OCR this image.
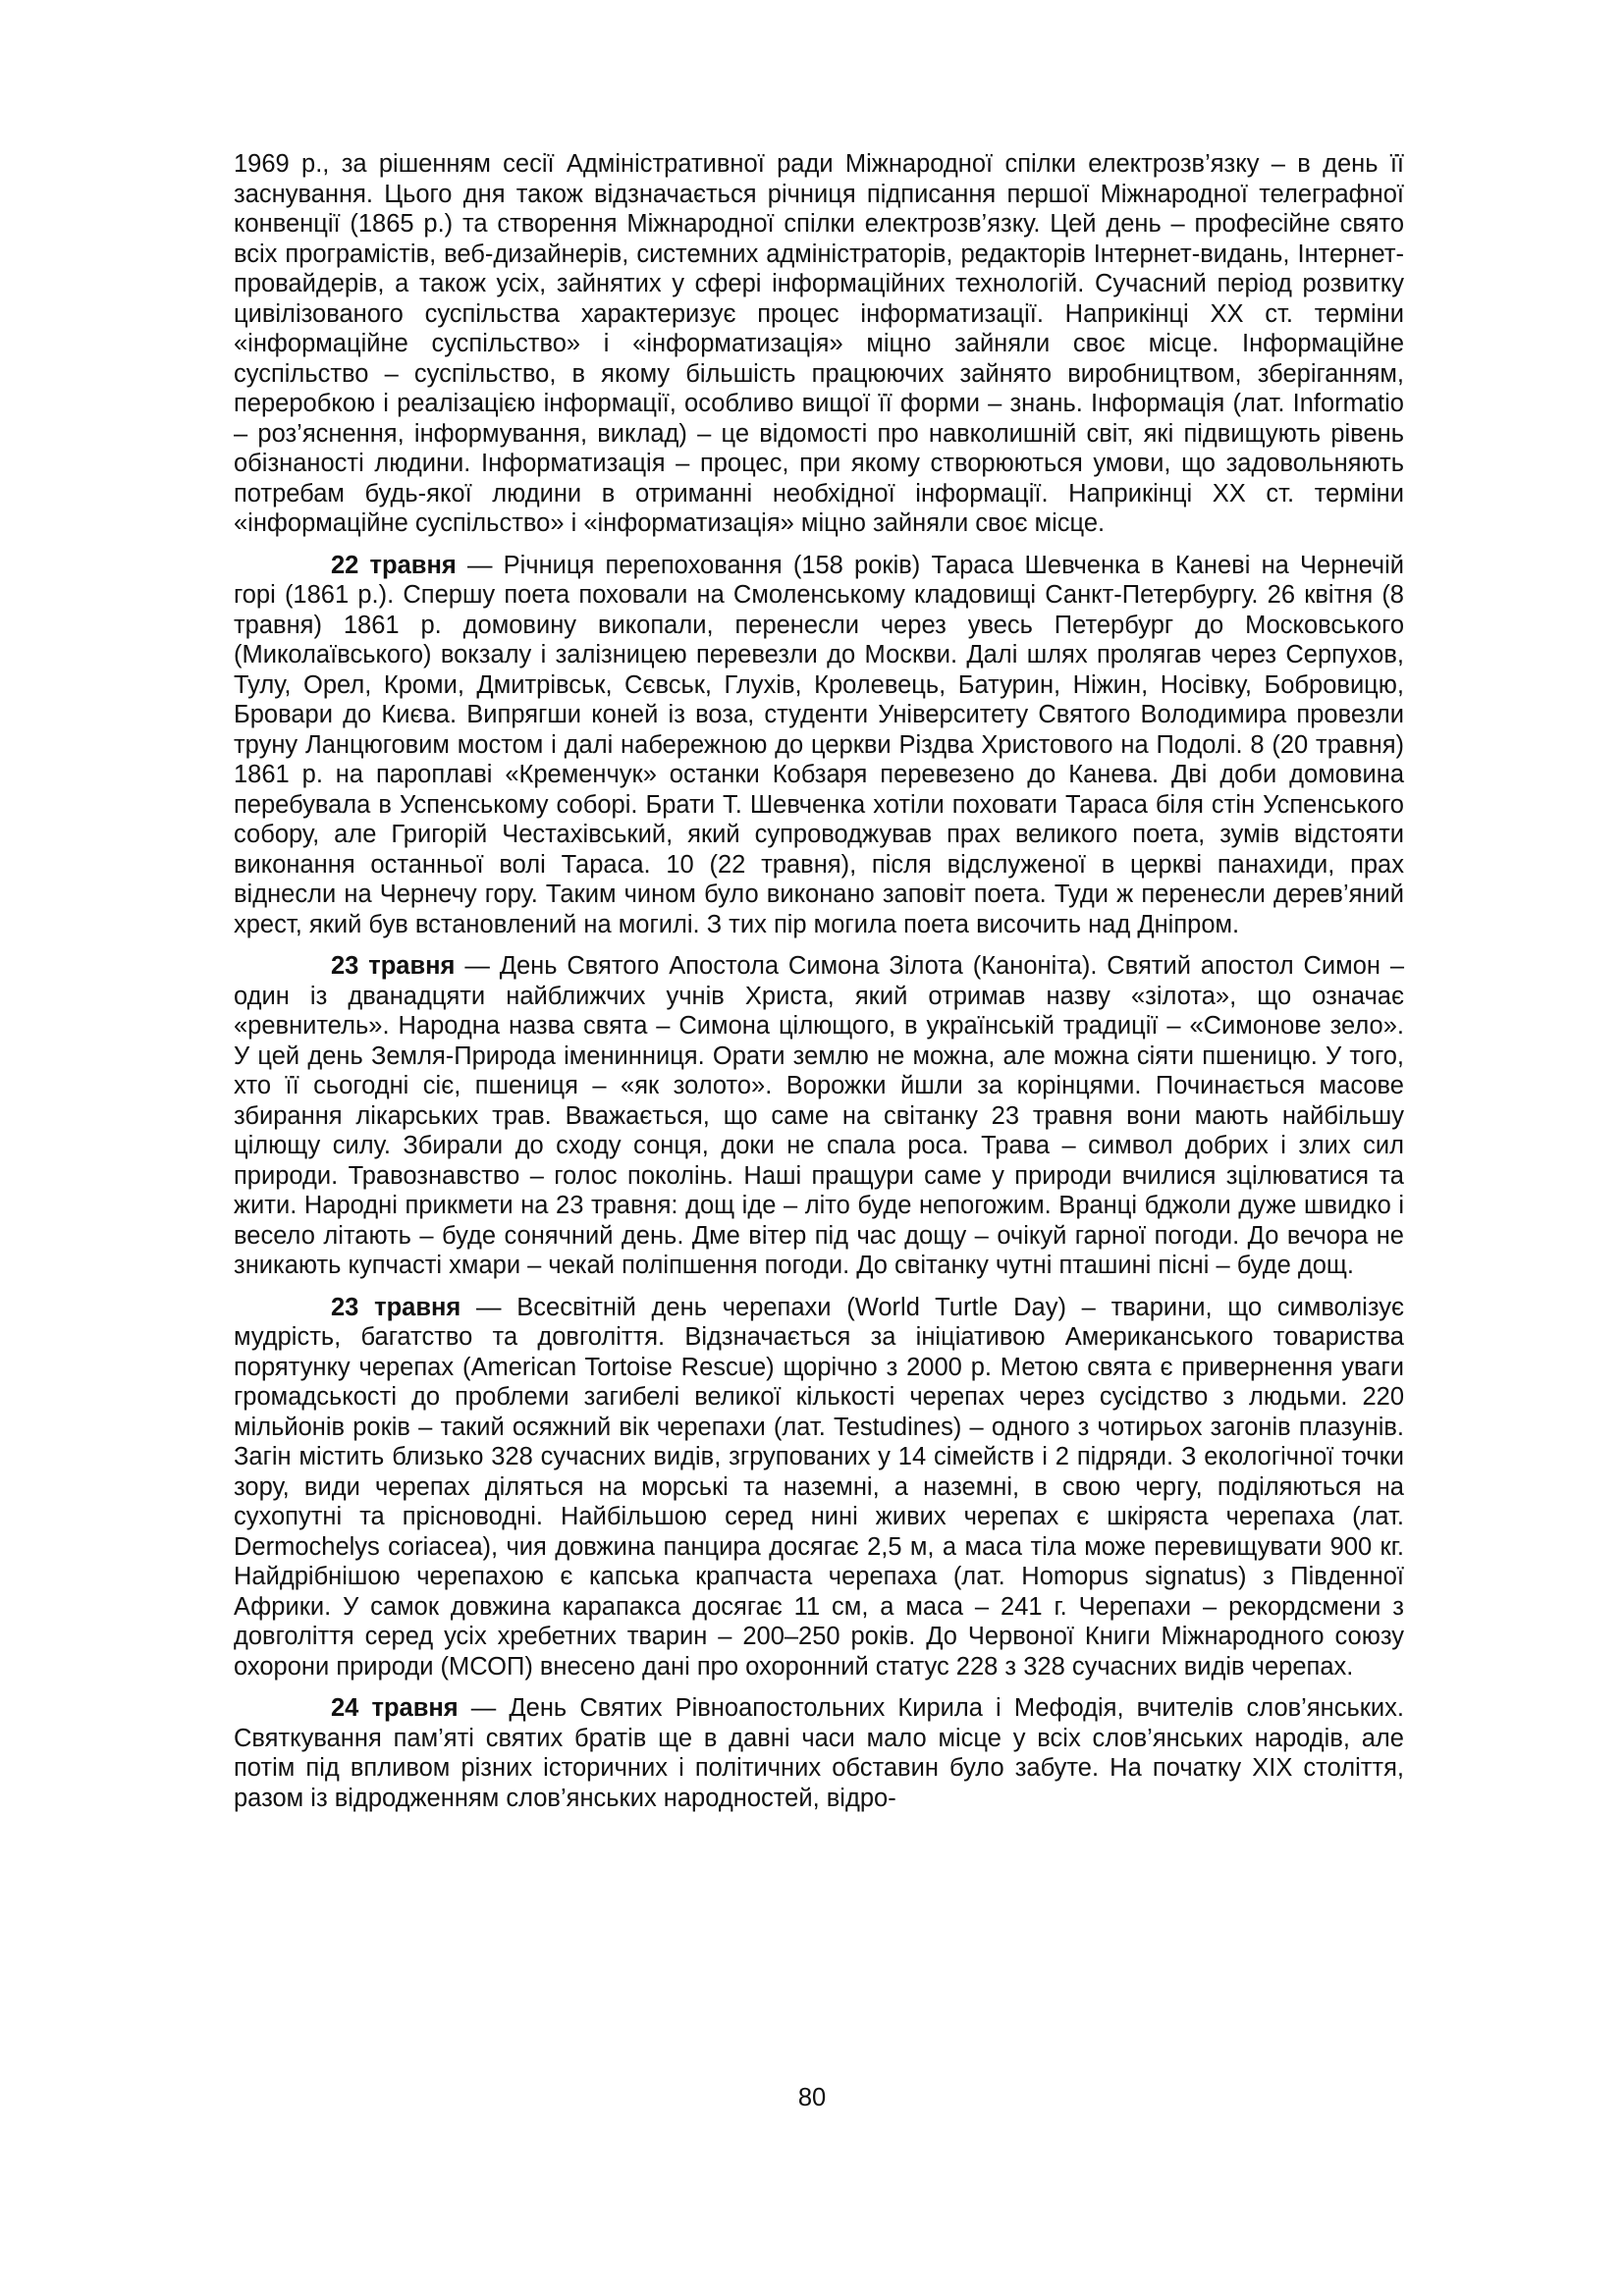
1969 р., за рішенням сесії Адміністративної ради Міжнародної спілки електрозв’язку – в день її заснування. Цього дня також відзначається річниця підписання першої Міжнародної телеграфної конвенції (1865 р.) та створення Міжнародної спілки електрозв’язку. Цей день – професійне свято всіх програмістів, веб-дизайнерів, системних адміністраторів, редакторів Інтернет-видань, Інтернет-провайдерів, а також усіх, зайнятих у сфері інформаційних технологій. Сучасний період розвитку цивілізованого суспільства характеризує процес інформатизації. Наприкінці ХХ ст. терміни «інформаційне суспільство» і «інформатизація» міцно зайняли своє місце. Інформаційне суспільство – суспільство, в якому більшість працюючих зайнято виробництвом, зберіганням, переробкою і реалізацією інформації, особливо вищої її форми – знань. Інформація (лат. Informatio – роз’яснення, інформування, виклад) – це відомості про навколишній світ, які підвищують рівень обізнаності людини. Інформатизація – процес, при якому створюються умови, що задовольняють потребам будь-якої людини в отриманні необхідної інформації. Наприкінці ХХ ст. терміни «інформаційне суспільство» і «інформатизація» міцно зайняли своє місце.

22 травня — Річниця перепоховання (158 років) Тараса Шевченка в Каневі на Чернечій горі (1861 р.). Спершу поета поховали на Смоленському кладовищі Санкт-Петербургу. 26 квітня (8 травня) 1861 р. домовину викопали, перенесли через увесь Петербург до Московського (Миколаївського) вокзалу і залізницею перевезли до Москви. Далі шлях пролягав через Серпухов, Тулу, Орел, Кроми, Дмитрівськ, Сєвськ, Глухів, Кролевець, Батурин, Ніжин, Носівку, Бобровицю, Бровари до Києва. Випрягши коней із воза, студенти Університету Святого Володимира провезли труну Ланцюговим мостом і далі набережною до церкви Різдва Христового на Подолі. 8 (20 травня) 1861 р. на пароплаві «Кременчук» останки Кобзаря перевезено до Канева. Дві доби домовина перебувала в Успенському соборі. Брати Т. Шевченка хотіли поховати Тараса біля стін Успенського собору, але Григорій Честахівський, який супроводжував прах великого поета, зумів відстояти виконання останньої волі Тараса. 10 (22 травня), після відслуженої в церкві панахиди, прах віднесли на Чернечу гору. Таким чином було виконано заповіт поета. Туди ж перенесли дерев’яний хрест, який був встановлений на могилі. З тих пір могила поета височить над Дніпром.

23 травня — День Святого Апостола Симона Зілота (Каноніта). Святий апостол Симон – один із дванадцяти найближчих учнів Христа, який отримав назву «зілота», що означає «ревнитель». Народна назва свята – Симона цілющого, в українській традиції – «Симонове зело». У цей день Земля-Природа іменинниця. Орати землю не можна, але можна сіяти пшеницю. У того, хто її сьогодні сіє, пшениця – «як золото». Ворожки йшли за корінцями. Починається масове збирання лікарських трав. Вважається, що саме на світанку 23 травня вони мають найбільшу цілющу силу. Збирали до сходу сонця, доки не спала роса. Трава – символ добрих і злих сил природи. Травознавство – голос поколінь. Наші пращури саме у природи вчилися зцілюватися та жити. Народні прикмети на 23 травня: дощ іде – літо буде непогожим. Вранці бджоли дуже швидко і весело літають – буде сонячний день. Дме вітер під час дощу – очікуй гарної погоди. До вечора не зникають купчасті хмари – чекай поліпшення погоди. До світанку чутні пташині пісні – буде дощ.

23 травня — Всесвітній день черепахи (World Turtle Day) – тварини, що символізує мудрість, багатство та довголіття. Відзначається за ініціативою Американського товариства порятунку черепах (American Tortoise Rescue) щорічно з 2000 р. Метою свята є привернення уваги громадськості до проблеми загибелі великої кількості черепах через сусідство з людьми. 220 мільйонів років – такий осяжний вік черепахи (лат. Testudines) – одного з чотирьох загонів плазунів. Загін містить близько 328 сучасних видів, згрупованих у 14 сімейств і 2 підряди. З екологічної точки зору, види черепах діляться на морські та наземні, а наземні, в свою чергу, поділяються на сухопутні та прісноводні. Найбільшою серед нині живих черепах є шкіряста черепаха (лат. Dermochelys coriacea), чия довжина панцира досягає 2,5 м, а маса тіла може перевищувати 900 кг. Найдрібнішою черепахою є капська крапчаста черепаха (лат. Homopus signatus) з Південної Африки. У самок довжина карапакса досягає 11 см, а маса – 241 г. Черепахи – рекордсмени з довголіття серед усіх хребетних тварин – 200–250 років. До Червоної Книги Міжнародного союзу охорони природи (МСОП) внесено дані про охоронний статус 228 з 328 сучасних видів черепах.

24 травня — День Святих Рівноапостольних Кирила і Мефодія, вчителів слов’янських. Святкування пам’яті святих братів ще в давні часи мало місце у всіх слов’янських народів, але потім під впливом різних історичних і політичних обставин було забуте. На початку XIX століття, разом із відродженням слов’янських народностей, відро-

80
